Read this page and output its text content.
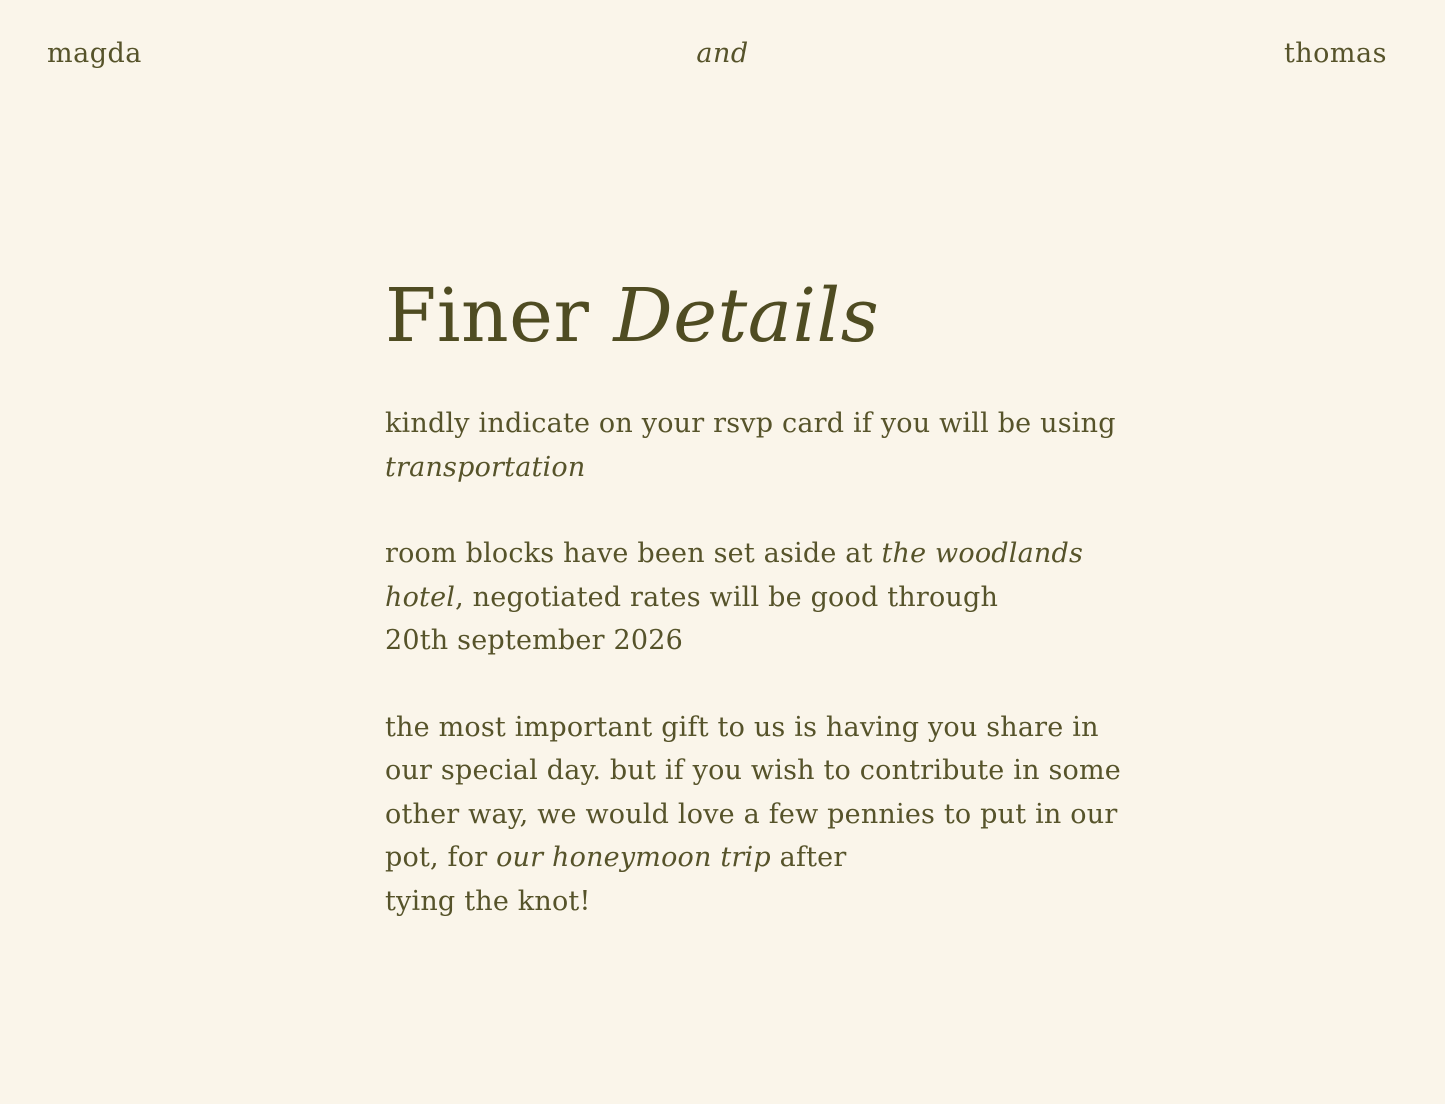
magda	and	thomas
Finer Details

kindly indicate on your rsvp card if you will be using transportation

room blocks have been set aside at the woodlands hotel, negotiated rates will be good through
20th september 2026

the most important gift to us is having you share in our special day. but if you wish to contribute in some other way, we would love a few pennies to put in our pot, for our honeymoon trip after
tying the knot!
